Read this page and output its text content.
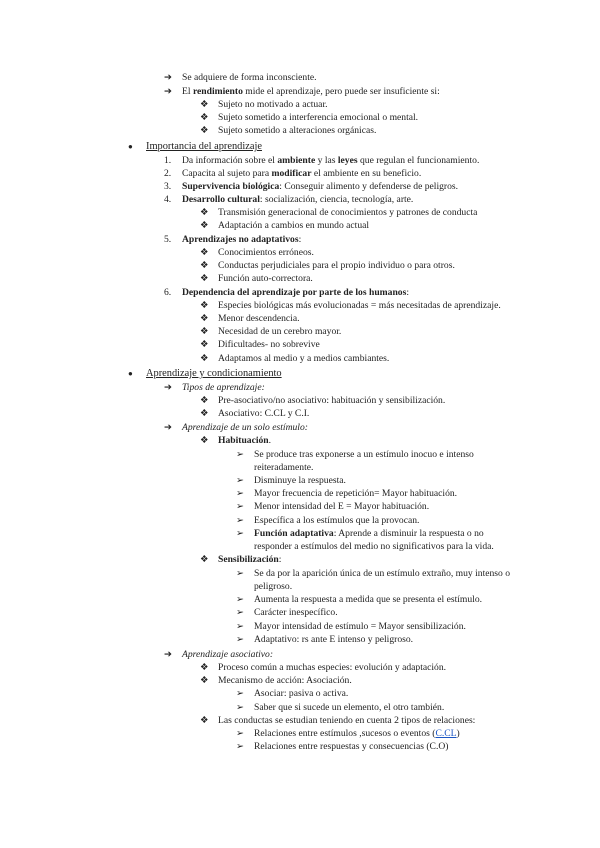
➔ Se adquiere de forma inconsciente.
➔ El rendimiento mide el aprendizaje, pero puede ser insuficiente si:
❖ Sujeto no motivado a actuar.
❖ Sujeto sometido a interferencia emocional o mental.
❖ Sujeto sometido a alteraciones orgánicas.
● Importancia del aprendizaje
1. Da información sobre el ambiente y las leyes que regulan el funcionamiento.
2. Capacita al sujeto para modificar el ambiente en su beneficio.
3. Supervivencia biológica: Conseguir alimento y defenderse de peligros.
4. Desarrollo cultural: socialización, ciencia, tecnología, arte.
❖ Transmisión generacional de conocimientos y patrones de conducta
❖ Adaptación a cambios en mundo actual
5. Aprendizajes no adaptativos:
❖ Conocimientos erróneos.
❖ Conductas perjudiciales para el propio individuo o para otros.
❖ Función auto-correctora.
6. Dependencia del aprendizaje por parte de los humanos:
❖ Especies biológicas más evolucionadas = más necesitadas de aprendizaje.
❖ Menor descendencia.
❖ Necesidad de un cerebro mayor.
❖ Dificultades- no sobrevive
❖ Adaptamos al medio y a medios cambiantes.
● Aprendizaje y condicionamiento
➔ Tipos de aprendizaje:
❖ Pre-asociativo/no asociativo: habituación y sensibilización.
❖ Asociativo: C.CL y C.I.
➔ Aprendizaje de un solo estímulo:
❖ Habituación.
➢ Se produce tras exponerse a un estímulo inocuo e intenso
reiteradamente.
➢ Disminuye la respuesta.
➢ Mayor frecuencia de repetición= Mayor habituación.
➢ Menor intensidad del E = Mayor habituación.
➢ Específica a los estímulos que la provocan.
➢ Función adaptativa: Aprende a disminuir la respuesta o no
responder a estímulos del medio no significativos para la vida.
❖ Sensibilización:
➢ Se da por la aparición única de un estímulo extraño, muy intenso o
peligroso.
➢ Aumenta la respuesta a medida que se presenta el estímulo.
➢ Carácter inespecífico.
➢ Mayor intensidad de estímulo = Mayor sensibilización.
➢ Adaptativo: rs ante E intenso y peligroso.
➔ Aprendizaje asociativo:
❖ Proceso común a muchas especies: evolución y adaptación.
❖ Mecanismo de acción: Asociación.
➢ Asociar: pasiva o activa.
➢ Saber que si sucede un elemento, el otro también.
❖ Las conductas se estudian teniendo en cuenta 2 tipos de relaciones:
➢ Relaciones entre estímulos ,sucesos o eventos (C.CL)
➢ Relaciones entre respuestas y consecuencias (C.O)
